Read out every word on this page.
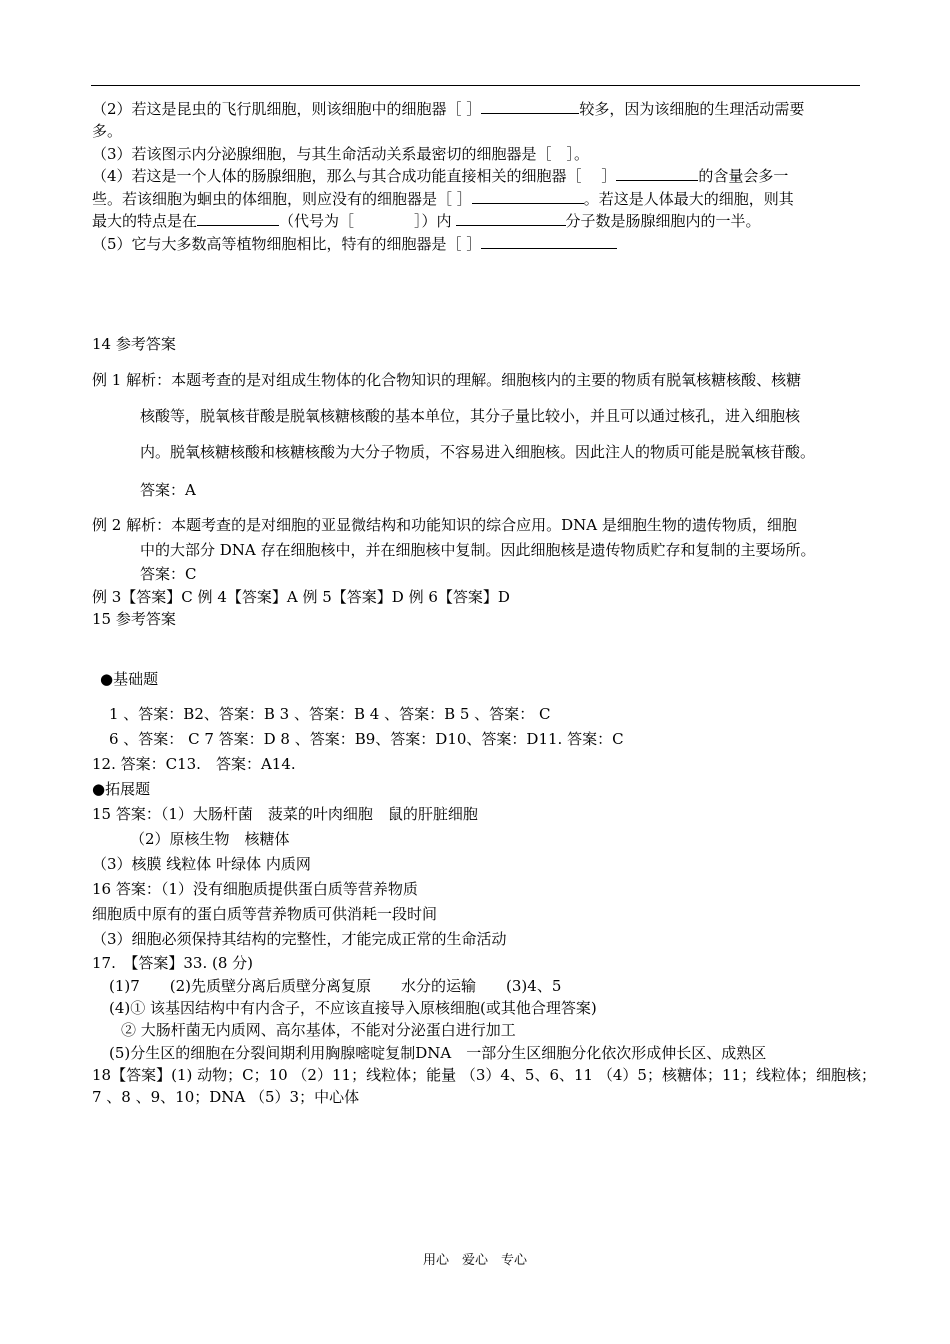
（2）若这是昆虫的飞行肌细胞，则该细胞中的细胞器［ ］	较多，因为该细胞的生理活动需要
多。
（3）若该图示内分泌腺细胞，与其生命活动关系最密切的细胞器是［　］。
（4）若这是一个人体的肠腺细胞，那么与其合成功能直接相关的细胞器［　 ］	的含量会多一
些。若该细胞为蛔虫的体细胞，则应没有的细胞器是［ ］	。若这是人体最大的细胞，则其
最大的特点是在	（代号为［　　　　］）内	分子数是肠腺细胞内的一半。
（5）它与大多数高等植物细胞相比，特有的细胞器是［ ］
14 参考答案
例 1 解析：本题考查的是对组成生物体的化合物知识的理解。细胞核内的主要的物质有脱氧核糖核酸、核糖
核酸等，脱氧核苷酸是脱氧核糖核酸的基本单位，其分子量比较小，并且可以通过核孔，进入细胞核
内。脱氧核糖核酸和核糖核酸为大分子物质，不容易进入细胞核。因此注人的物质可能是脱氧核苷酸。
答案：A
例 2 解析：本题考查的是对细胞的亚显微结构和功能知识的综合应用。DNA 是细胞生物的遗传物质，细胞
中的大部分 DNA 存在细胞核中，并在细胞核中复制。因此细胞核是遗传物质贮存和复制的主要场所。
答案：C
例 3【答案】C 例 4【答案】A 例 5【答案】D 例 6【答案】D
15 参考答案
●基础题
1 、答案：B2、答案：B 3 、答案：B 4 、答案：B 5 、答案： C
6 、答案： C 7 答案：D 8 、答案：B9、答案：D10、答案：D11. 答案：C
12. 答案：C13.　答案：A14.
●拓展题
15 答案：（1）大肠杆菌　菠菜的叶肉细胞　鼠的肝脏细胞
（2）原核生物　核糖体
（3）核膜 线粒体 叶绿体 内质网
16 答案：（1）没有细胞质提供蛋白质等营养物质
细胞质中原有的蛋白质等营养物质可供消耗一段时间
（3）细胞必须保持其结构的完整性，才能完成正常的生命活动
17.　【答案】33. (8 分)
(1)7　　(2)先质壁分离后质壁分离复原　　水分的运输　　(3)4、5
(4)① 该基因结构中有内含子，不应该直接导入原核细胞(或其他合理答案)
② 大肠杆菌无内质网、高尔基体，不能对分泌蛋白进行加工
(5)分生区的细胞在分裂间期利用胸腺嘧啶复制DNA　一部分生区细胞分化依次形成伸长区、成熟区
18【答案】(1) 动物；C；10 （2）11；线粒体；能量 （3）4、5、6、11 （4）5；核糖体；11；线粒体；细胞核；
7 、8 、9、10；DNA （5）3；中心体
用心　爱心　专心
